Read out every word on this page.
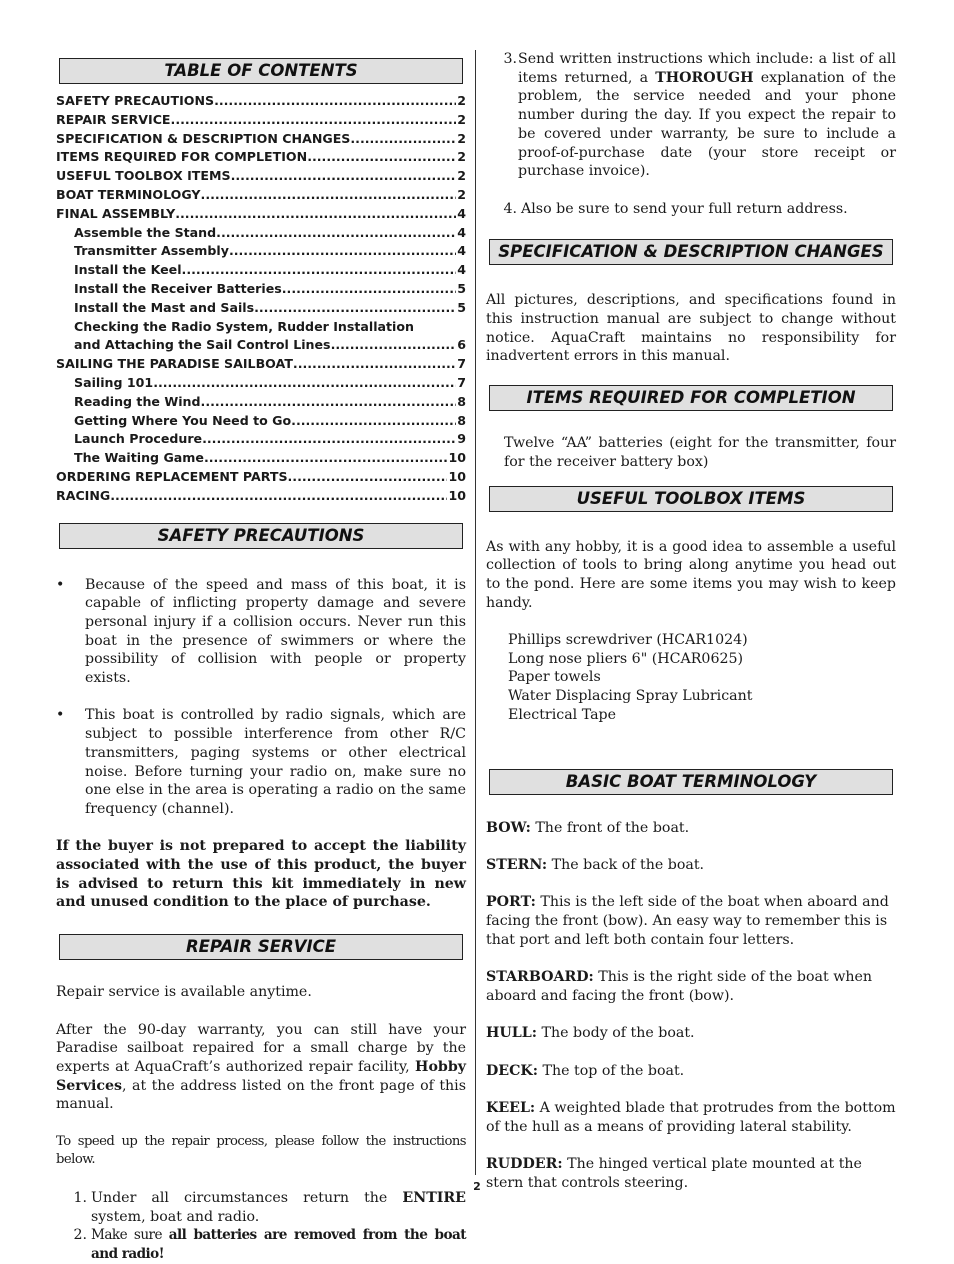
TABLE OF CONTENTS
SAFETY PRECAUTIONS .....	2
REPAIR SERVICE .....	2
SPECIFICATION & DESCRIPTION CHANGES .....	2
ITEMS REQUIRED FOR COMPLETION .....	2
USEFUL TOOLBOX ITEMS .....	2
BOAT TERMINOLOGY .....	2
FINAL ASSEMBLY .....	4
Assemble the Stand .....	4
Transmitter Assembly .....	4
Install the Keel .....	4
Install the Receiver Batteries .....	5
Install the Mast and Sails .....	5
Checking the Radio System, Rudder Installation
and Attaching the Sail Control Lines .....	6
SAILING THE PARADISE SAILBOAT .....	7
Sailing 101 .....	7
Reading the Wind .....	8
Getting Where You Need to Go .....	8
Launch Procedure .....	9
The Waiting Game .....	10
ORDERING REPLACEMENT PARTS .....	10
RACING .....	10
SAFETY PRECAUTIONS
•	Because of the speed and mass of this boat, it is capable of inflicting property damage and severe personal injury if a collision occurs. Never run this boat in the presence of swimmers or where the possibility of collision with people or property exists.
•	This boat is controlled by radio signals, which are subject to possible interference from other R/C transmitters, paging systems or other electrical noise. Before turning your radio on, make sure no one else in the area is operating a radio on the same frequency (channel).

If the buyer is not prepared to accept the liability associated with the use of this product, the buyer is advised to return this kit immediately in new and unused condition to the place of purchase.

REPAIR SERVICE

Repair service is available anytime.

After the 90-day warranty, you can still have your Paradise sailboat repaired for a small charge by the experts at AquaCraft’s authorized repair facility, Hobby Services, at the address listed on the front page of this manual.

To speed up the repair process, please follow the instructions below.

1. Under all circumstances return the ENTIRE system, boat and radio.
2. Make sure all batteries are removed from the boat and radio!
3. Send written instructions which include: a list of all items returned, a THOROUGH explanation of the problem, the service needed and your phone number during the day. If you expect the repair to be covered under warranty, be sure to include a proof-of-purchase date (your store receipt or purchase invoice).
4. Also be sure to send your full return address.
SPECIFICATION & DESCRIPTION CHANGES

All pictures, descriptions, and specifications found in this instruction manual are subject to change without notice. AquaCraft maintains no responsibility for inadvertent errors in this manual.

ITEMS REQUIRED FOR COMPLETION

Twelve “AA” batteries (eight for the transmitter, four for the receiver battery box)

USEFUL TOOLBOX ITEMS

As with any hobby, it is a good idea to assemble a useful collection of tools to bring along anytime you head out to the pond. Here are some items you may wish to keep handy.

Phillips screwdriver (HCAR1024)
Long nose pliers 6" (HCAR0625)
Paper towels
Water Displacing Spray Lubricant
Electrical Tape
BASIC BOAT TERMINOLOGY

BOW: The front of the boat.

STERN: The back of the boat.

PORT: This is the left side of the boat when aboard and facing the front (bow). An easy way to remember this is that port and left both contain four letters.

STARBOARD: This is the right side of the boat when aboard and facing the front (bow).

HULL: The body of the boat.

DECK: The top of the boat.

KEEL: A weighted blade that protrudes from the bottom of the hull as a means of providing lateral stability.

RUDDER: The hinged vertical plate mounted at the stern that controls steering.

2
